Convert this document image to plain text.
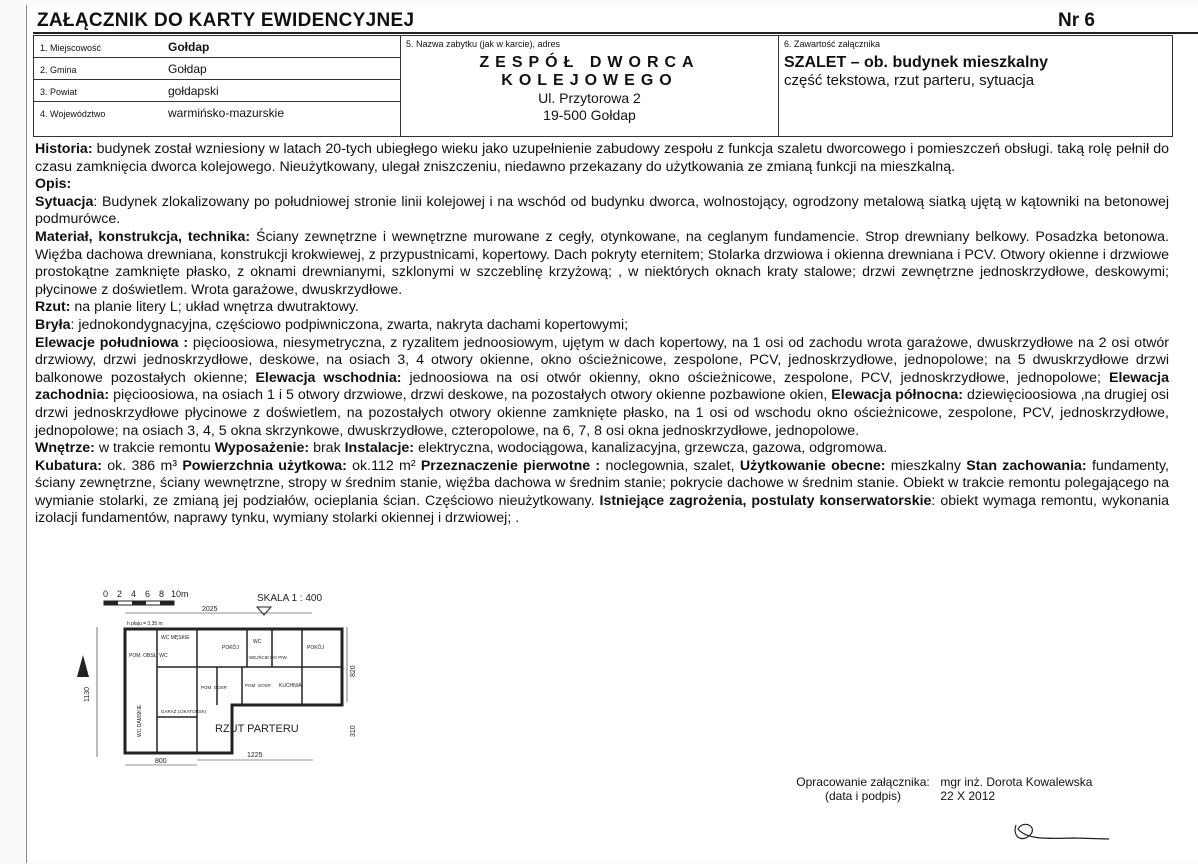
ZAŁĄCZNIK DO KARTY EWIDENCYJNEJ	Nr 6
1. Miejscowość	Gołdap
2. Gmina	Gołdap
3. Powiat	gołdapski
4. Województwo	warmińsko-mazurskie

5. Nazwa zabytku (jak w karcie), adres
ZESPÓŁ DWORCA
KOLEJOWEGO
Ul. Przytorowa 2
19-500 Gołdap

6. Zawartość załącznika
SZALET – ob. budynek mieszkalny
część tekstowa, rzut parteru, sytuacja

Historia: budynek został wzniesiony w latach 20-tych ubiegłego wieku jako uzupełnienie zabudowy zespołu z funkcja szaletu dworcowego i pomieszczeń obsługi. taką rolę pełnił do czasu zamknięcia dworca kolejowego. Nieużytkowany, ulegał zniszczeniu, niedawno przekazany do użytkowania ze zmianą funkcji na mieszkalną.

Opis:

Sytuacja: Budynek zlokalizowany po południowej stronie linii kolejowej i na wschód od budynku dworca, wolnostojący, ogrodzony metalową siatką ujętą w kątowniki na betonowej podmurówce.

Materiał, konstrukcja, technika: Ściany zewnętrzne i wewnętrzne murowane z cegły, otynkowane, na ceglanym fundamencie. Strop drewniany belkowy. Posadzka betonowa. Więźba dachowa drewniana, konstrukcji krokwiewej, z przypustnicami, kopertowy. Dach pokryty eternitem; Stolarka drzwiowa i okienna drewniana i PCV. Otwory okienne i drzwiowe prostokątne zamknięte płasko, z oknami drewnianymi, szklonymi w szczeblinę krzyżową; , w niektórych oknach kraty stalowe; drzwi zewnętrzne jednoskrzydłowe, deskowymi; płycinowe z doświetlem. Wrota garażowe, dwuskrzydłowe.

Rzut: na planie litery L; układ wnętrza dwutraktowy.

Bryła: jednokondygnacyjna, częściowo podpiwniczona, zwarta, nakryta dachami kopertowymi;

Elewacje południowa : pięcioosiowa, niesymetryczna, z ryzalitem jednoosiowym, ujętym w dach kopertowy, na 1 osi od zachodu wrota garażowe, dwuskrzydłowe na 2 osi otwór drzwiowy, drzwi jednoskrzydłowe, deskowe, na osiach 3, 4 otwory okienne, okno ościeżnicowe, zespolone, PCV, jednoskrzydłowe, jednopolowe; na 5 dwuskrzydłowe drzwi balkonowe pozostałych okienne; Elewacja wschodnia: jednoosiowa na osi otwór okienny, okno ościeżnicowe, zespolone, PCV, jednoskrzydłowe, jednopolowe; Elewacja zachodnia: pięcioosiowa, na osiach 1 i 5 otwory drzwiowe, drzwi deskowe, na pozostałych otwory okienne pozbawione okien, Elewacja północna: dziewięcioosiowa ,na drugiej osi drzwi jednoskrzydłowe płycinowe z doświetlem, na pozostałych otwory okienne zamknięte płasko, na 1 osi od wschodu okno ościeżnicowe, zespolone, PCV, jednoskrzydłowe, jednopolowe; na osiach 3, 4, 5 okna skrzynkowe, dwuskrzydłowe, czteropolowe, na 6, 7, 8 osi okna jednoskrzydłowe, jednopolowe.

Wnętrze: w trakcie remontu Wyposażenie: brak Instalacje: elektryczna, wodociągowa, kanalizacyjna, grzewcza, gazowa, odgromowa.

Kubatura: ok. 386 m³ Powierzchnia użytkowa: ok.112 m² Przeznaczenie pierwotne : noclegownia, szalet, Użytkowanie obecne: mieszkalny Stan zachowania: fundamenty, ściany zewnętrzne, ściany wewnętrzne, stropy w średnim stanie, więźba dachowa w średnim stanie; pokrycie dachowe w średnim stanie. Obiekt w trakcie remontu polegającego na wymianie stolarki, ze zmianą jej podziałów, ocieplania ścian. Częściowo nieużytkowany. Istniejące zagrożenia, postulaty konserwatorskie: obiekt wymaga remontu, wykonania izolacji fundamentów, naprawy tynku, wymiany stolarki okiennej i drzwiowej; .

0 2 4 6 8 10m	SKALA 1 : 400
2025
1130
820
310
1225
800
h płaju = 3,35 m
WC MĘSKIE
POM. OBSŁ. WC
POKÓJ
WC
WEJŚCIE DO PIW.
POKÓJ
WC DAMSKIE	GARAŻ LOKATORSKI
POM. GOSP.	POM. GOSP. KUCHNIA
RZUT PARTERU
Opracowanie załącznika: mgr inż. Dorota Kowalewska
(data i podpis)	22 X 2012
